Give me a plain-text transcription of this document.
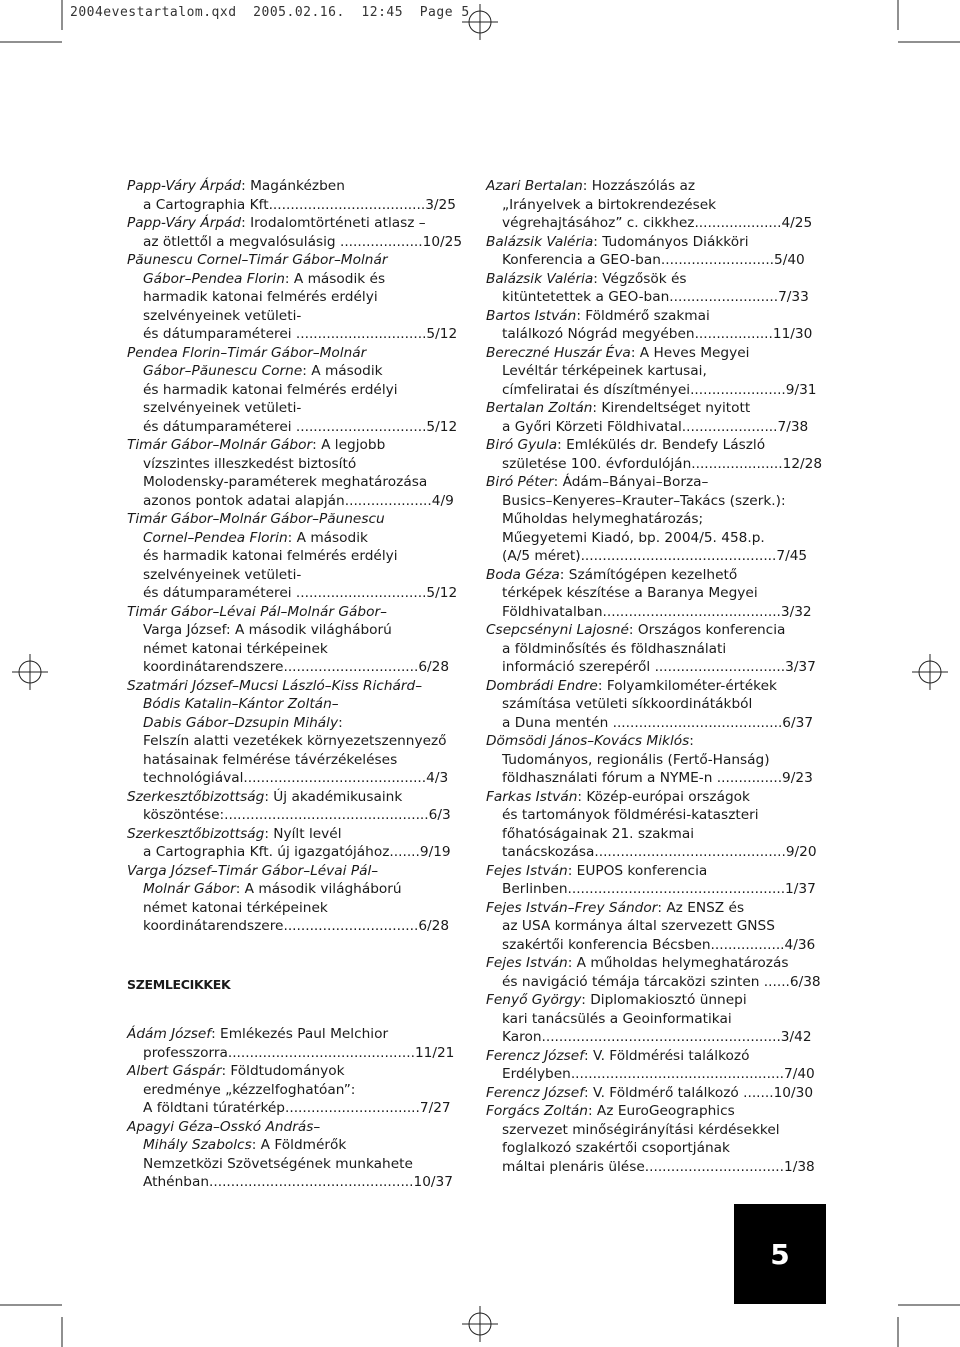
2004evestartalom.qxd  2005.02.16.  12:45  Page 5
Papp-Váry Árpád: Magánkézben
a Cartographia Kft....................................3/25
Papp-Váry Árpád: Irodalomtörténeti atlasz –
az ötlettől a megvalósulásig ...................10/25
Păunescu Cornel–Timár Gábor–Molnár
Gábor–Pendea Florin: A második és
harmadik katonai felmérés erdélyi
szelvényeinek vetületi-
és dátumparaméterei ..............................5/12
Pendea Florin–Timár Gábor–Molnár
Gábor–Păunescu Corne: A második
és harmadik katonai felmérés erdélyi
szelvényeinek vetületi-
és dátumparaméterei ..............................5/12
Timár Gábor–Molnár Gábor: A legjobb
vízszintes illeszkedést biztosító
Molodensky-paraméterek meghatározása
azonos pontok adatai alapján....................4/9
Timár Gábor–Molnár Gábor–Păunescu
Cornel–Pendea Florin: A második
és harmadik katonai felmérés erdélyi
szelvényeinek vetületi-
és dátumparaméterei ..............................5/12
Timár Gábor–Lévai Pál–Molnár Gábor–
Varga József: A második világháború
német katonai térképeinek
koordinátarendszere...............................6/28
Szatmári József–Mucsi László–Kiss Richárd–
Bódis Katalin–Kántor Zoltán–
Dabis Gábor–Dzsupin Mihály:
Felszín alatti vezetékek környezetszennyező
hatásainak felmérése távérzékeléses
technológiával..........................................4/3
Szerkesztőbizottság: Új akadémikusaink
köszöntése:...............................................6/3
Szerkesztőbizottság: Nyílt levél
a Cartographia Kft. új igazgatójához.......9/19
Varga József–Timár Gábor–Lévai Pál–
Molnár Gábor: A második világháború
német katonai térképeinek
koordinátarendszere...............................6/28
SZEMLECIKKEK
Ádám József: Emlékezés Paul Melchior
professzorra...........................................11/21
Albert Gáspár: Földtudományok
eredménye „kézzelfoghatóan”:
A földtani túratérkép...............................7/27
Apagyi Géza–Osskó András–
Mihály Szabolcs: A Földmérők
Nemzetközi Szövetségének munkahete
Athénban...............................................10/37
Azari Bertalan: Hozzászólás az
„Irányelvek a birtokrendezések
végrehajtásához” c. cikkhez....................4/25
Balázsik Valéria: Tudományos Diákköri
Konferencia a GEO-ban..........................5/40
Balázsik Valéria: Végzősök és
kitüntetettek a GEO-ban.........................7/33
Bartos István: Földmérő szakmai
találkozó Nógrád megyében..................11/30
Bereczné Huszár Éva: A Heves Megyei
Levéltár térképeinek kartusai,
címfeliratai és díszítményei......................9/31
Bertalan Zoltán: Kirendeltséget nyitott
a Győri Körzeti Földhivatal......................7/38
Biró Gyula: Emlékülés dr. Bendefy László
születése 100. évfordulóján.....................12/28
Biró Péter: Ádám–Bányai–Borza–
Busics–Kenyeres–Krauter–Takács (szerk.):
Műholdas helymeghatározás;
Műegyetemi Kiadó, bp. 2004/5. 458.p.
(A/5 méret).............................................7/45
Boda Géza: Számítógépen kezelhető
térképek készítése a Baranya Megyei
Földhivatalban.........................................3/32
Csepcsényni Lajosné: Országos konferencia
a földminősítés és földhasználati
információ szerepéről ..............................3/37
Dombrádi Endre: Folyamkilométer-értékek
számítása vetületi síkkoordinátákból
a Duna mentén .......................................6/37
Dömsödi János–Kovács Miklós:
Tudományos, regionális (Fertő-Hanság)
földhasználati fórum a NYME-n ...............9/23
Farkas István: Közép-európai országok
és tartományok földmérési-kataszteri
főhatóságainak 21. szakmai
tanácskozása............................................9/20
Fejes István: EUPOS konferencia
Berlinben..................................................1/37
Fejes István–Frey Sándor: Az ENSZ és
az USA kormánya által szervezett GNSS
szakértői konferencia Bécsben.................4/36
Fejes István: A műholdas helymeghatározás
és navigáció témája tárcaközi szinten ......6/38
Fenyő György: Diplomakiosztó ünnepi
kari tanácsülés a Geoinformatikai
Karon.......................................................3/42
Ferencz József: V. Földmérési találkozó
Erdélyben.................................................7/40
Ferencz József: V. Földmérő találkozó .......10/30
Forgács Zoltán: Az EuroGeographics
szervezet minőségirányítási kérdésekkel
foglalkozó szakértői csoportjának
máltai plenáris ülése................................1/38
5
